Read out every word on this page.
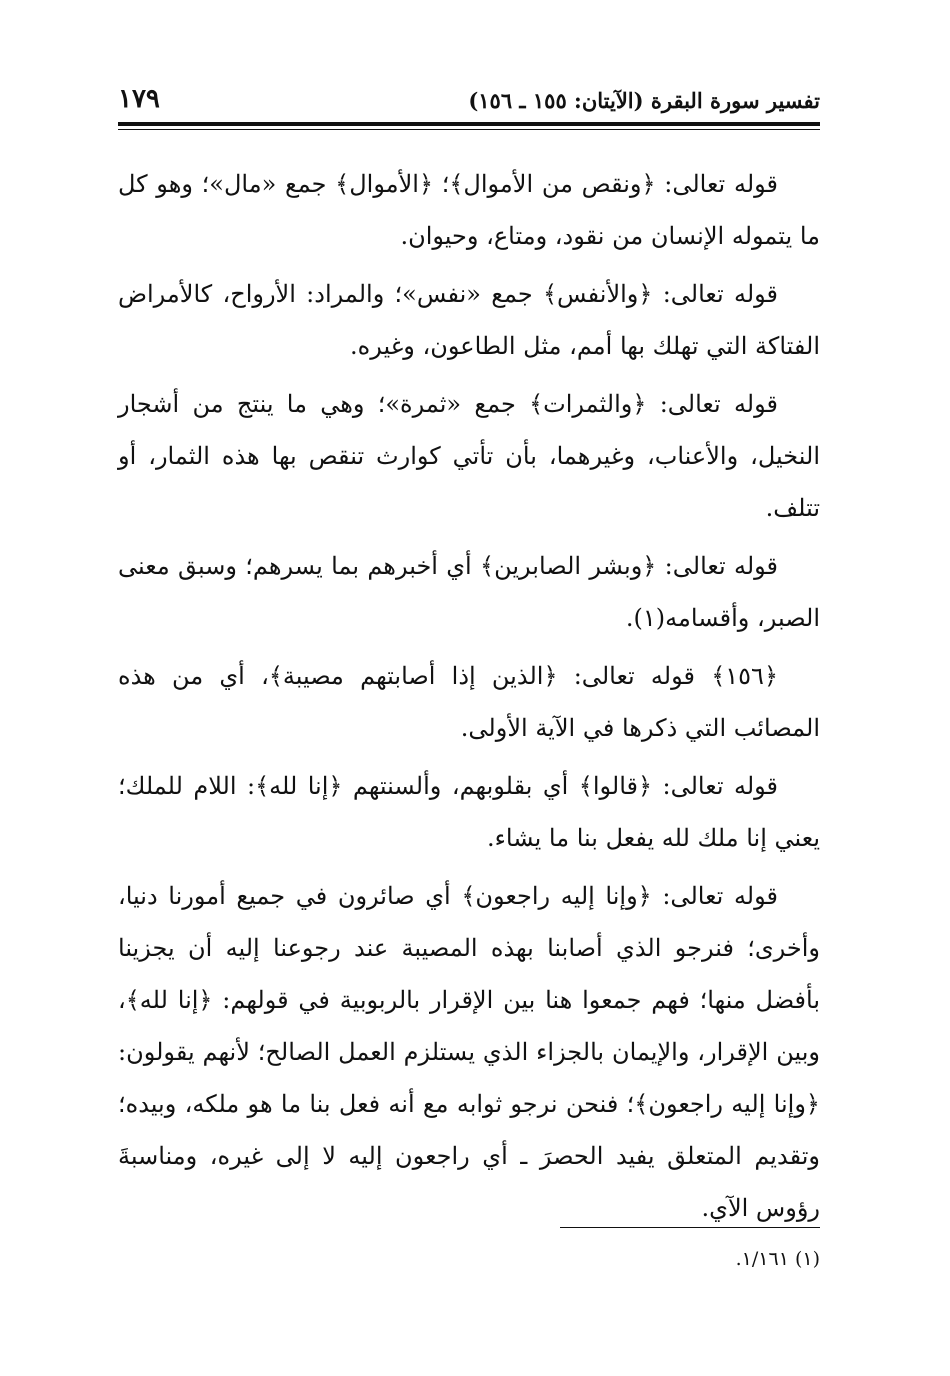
تفسير سورة البقرة (الآيتان: ١٥٥ ـ ١٥٦)
١٧٩

قوله تعالى: ﴿ونقص من الأموال﴾؛ ﴿الأموال﴾ جمع «مال»؛ وهو كل ما يتموله الإنسان من نقود، ومتاع، وحيوان.

قوله تعالى: ﴿والأنفس﴾ جمع «نفس»؛ والمراد: الأرواح، كالأمراض الفتاكة التي تهلك بها أمم، مثل الطاعون، وغيره.

قوله تعالى: ﴿والثمرات﴾ جمع «ثمرة»؛ وهي ما ينتج من أشجار النخيل، والأعناب، وغيرهما، بأن تأتي كوارث تنقص بها هذه الثمار، أو تتلف.

قوله تعالى: ﴿وبشر الصابرين﴾ أي أخبرهم بما يسرهم؛ وسبق معنى الصبر، وأقسامه(١).

﴿١٥٦﴾ قوله تعالى: ﴿الذين إذا أصابتهم مصيبة﴾، أي من هذه المصائب التي ذكرها في الآية الأولى.

قوله تعالى: ﴿قالوا﴾ أي بقلوبهم، وألسنتهم ﴿إنا لله﴾: اللام للملك؛ يعني إنا ملك لله يفعل بنا ما يشاء.

قوله تعالى: ﴿وإنا إليه راجعون﴾ أي صائرون في جميع أمورنا دنيا، وأخرى؛ فنرجو الذي أصابنا بهذه المصيبة عند رجوعنا إليه أن يجزينا بأفضل منها؛ فهم جمعوا هنا بين الإقرار بالربوبية في قولهم: ﴿إنا لله﴾، وبين الإقرار، والإيمان بالجزاء الذي يستلزم العمل الصالح؛ لأنهم يقولون: ﴿وإنا إليه راجعون﴾؛ فنحن نرجو ثوابه مع أنه فعل بنا ما هو ملكه، وبيده؛ وتقديم المتعلق يفيد الحصرَ ـ أي راجعون إليه لا إلى غيره، ومناسبةَ رؤوس الآي.

(١) ١/١٦١.
